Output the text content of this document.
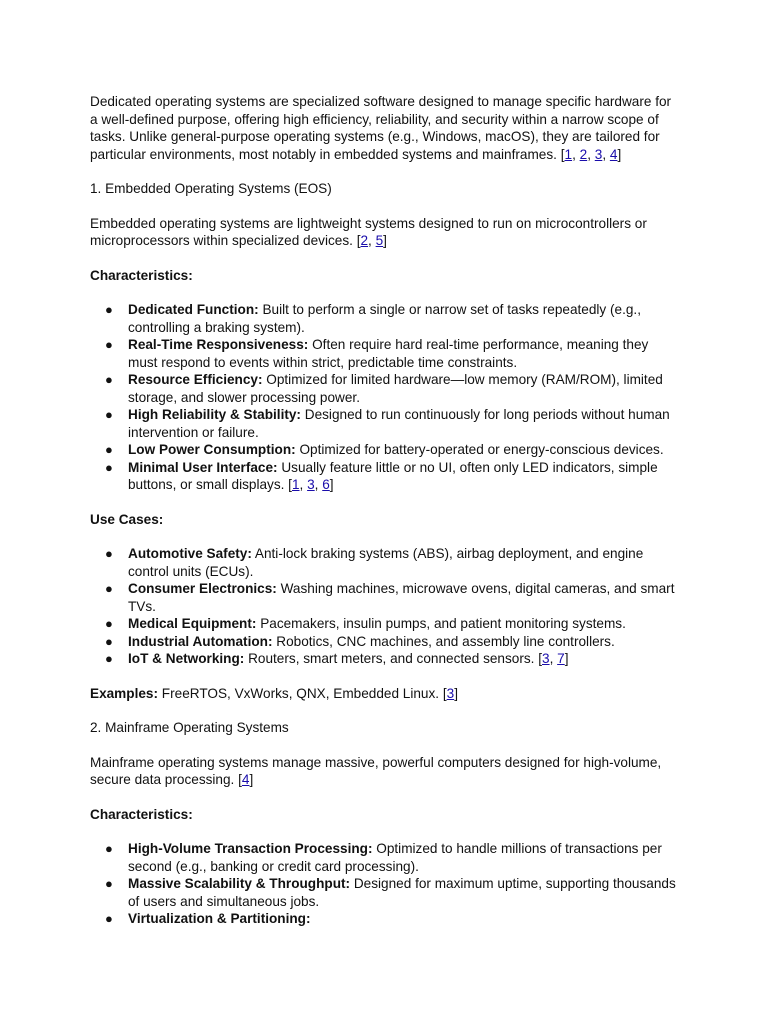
Dedicated operating systems are specialized software designed to manage specific hardware for a well-defined purpose, offering high efficiency, reliability, and security within a narrow scope of tasks. Unlike general-purpose operating systems (e.g., Windows, macOS), they are tailored for particular environments, most notably in embedded systems and mainframes. [1, 2, 3, 4]

1. Embedded Operating Systems (EOS)

Embedded operating systems are lightweight systems designed to run on microcontrollers or microprocessors within specialized devices. [2, 5]

Characteristics:

● Dedicated Function: Built to perform a single or narrow set of tasks repeatedly (e.g., controlling a braking system).
● Real-Time Responsiveness: Often require hard real-time performance, meaning they must respond to events within strict, predictable time constraints.
● Resource Efficiency: Optimized for limited hardware—low memory (RAM/ROM), limited storage, and slower processing power.
● High Reliability & Stability: Designed to run continuously for long periods without human intervention or failure.
● Low Power Consumption: Optimized for battery-operated or energy-conscious devices.
● Minimal User Interface: Usually feature little or no UI, often only LED indicators, simple buttons, or small displays. [1, 3, 6]

Use Cases:

● Automotive Safety: Anti-lock braking systems (ABS), airbag deployment, and engine control units (ECUs).
● Consumer Electronics: Washing machines, microwave ovens, digital cameras, and smart TVs.
● Medical Equipment: Pacemakers, insulin pumps, and patient monitoring systems.
● Industrial Automation: Robotics, CNC machines, and assembly line controllers.
● IoT & Networking: Routers, smart meters, and connected sensors. [3, 7]

Examples: FreeRTOS, VxWorks, QNX, Embedded Linux. [3]

2. Mainframe Operating Systems

Mainframe operating systems manage massive, powerful computers designed for high-volume, secure data processing. [4]

Characteristics:

● High-Volume Transaction Processing: Optimized to handle millions of transactions per second (e.g., banking or credit card processing).
● Massive Scalability & Throughput: Designed for maximum uptime, supporting thousands of users and simultaneous jobs.
● Virtualization & Partitioning:
